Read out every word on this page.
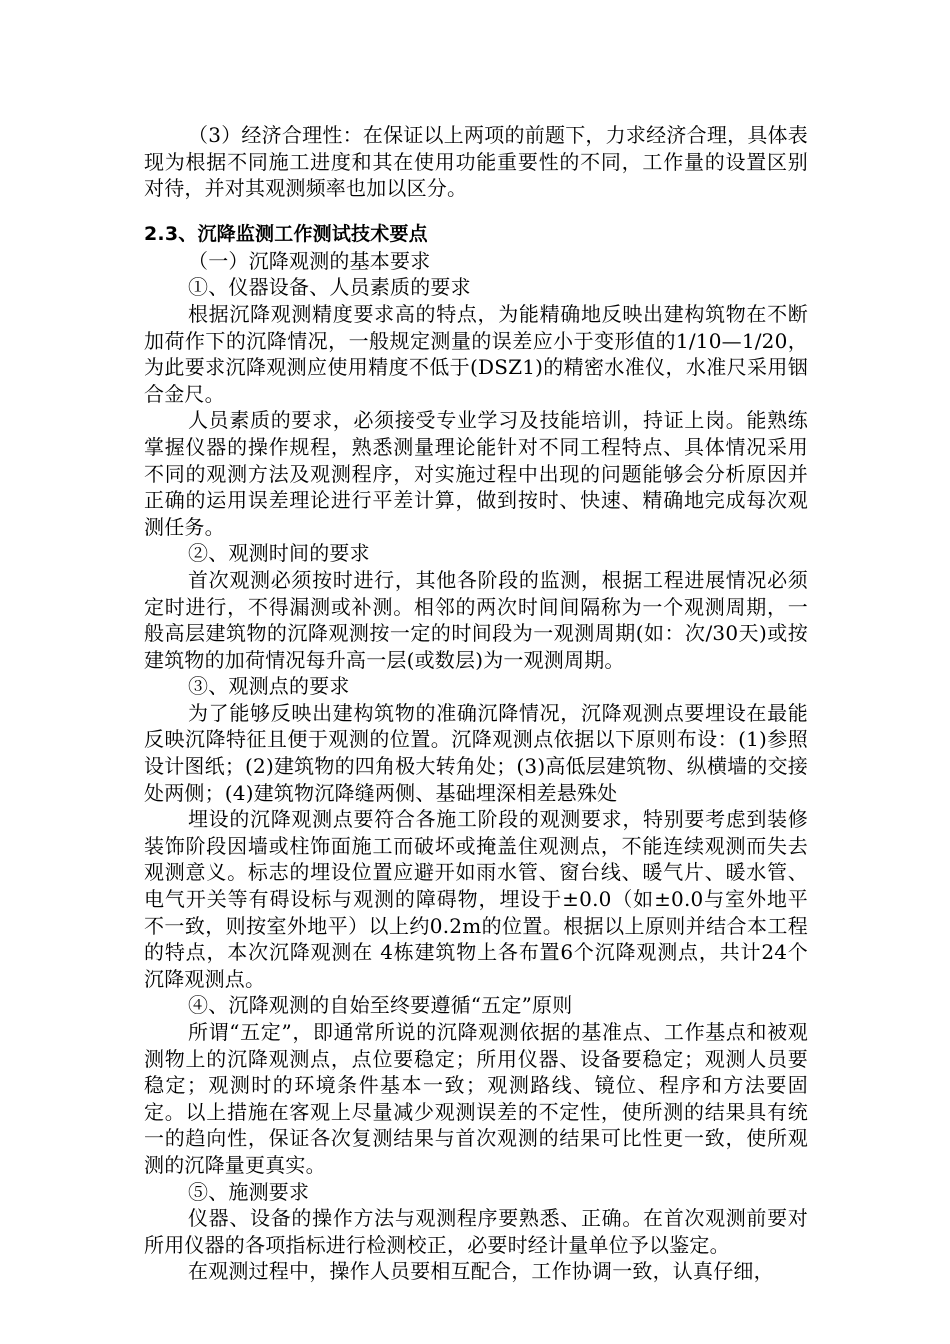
（3）经济合理性：在保证以上两项的前题下，力求经济合理，具体表现为根据不同施工进度和其在使用功能重要性的不同，工作量的设置区别对待，并对其观测频率也加以区分。

2.3、沉降监测工作测试技术要点

（一）沉降观测的基本要求

①、仪器设备、人员素质的要求

根据沉降观测精度要求高的特点，为能精确地反映出建构筑物在不断加荷作下的沉降情况，一般规定测量的误差应小于变形值的1/10—1/20，为此要求沉降观测应使用精度不低于(DSZ1)的精密水准仪，水准尺采用铟合金尺。

人员素质的要求，必须接受专业学习及技能培训，持证上岗。能熟练掌握仪器的操作规程，熟悉测量理论能针对不同工程特点、具体情况采用不同的观测方法及观测程序，对实施过程中出现的问题能够会分析原因并正确的运用误差理论进行平差计算，做到按时、快速、精确地完成每次观测任务。

②、观测时间的要求

首次观测必须按时进行，其他各阶段的监测，根据工程进展情况必须定时进行，不得漏测或补测。相邻的两次时间间隔称为一个观测周期，一般高层建筑物的沉降观测按一定的时间段为一观测周期(如：次/30天)或按建筑物的加荷情况每升高一层(或数层)为一观测周期。

③、观测点的要求

为了能够反映出建构筑物的准确沉降情况，沉降观测点要埋设在最能反映沉降特征且便于观测的位置。沉降观测点依据以下原则布设：(1)参照设计图纸；(2)建筑物的四角极大转角处；(3)高低层建筑物、纵横墙的交接处两侧；(4)建筑物沉降缝两侧、基础埋深相差悬殊处

埋设的沉降观测点要符合各施工阶段的观测要求，特别要考虑到装修装饰阶段因墙或柱饰面施工而破坏或掩盖住观测点，不能连续观测而失去观测意义。标志的埋设位置应避开如雨水管、窗台线、暖气片、暖水管、电气开关等有碍设标与观测的障碍物，埋设于±0.0（如±0.0与室外地平不一致，则按室外地平）以上约0.2m的位置。根据以上原则并结合本工程的特点，本次沉降观测在 4栋建筑物上各布置6个沉降观测点，共计24个沉降观测点。

④、沉降观测的自始至终要遵循“五定”原则

所谓“五定”，即通常所说的沉降观测依据的基准点、工作基点和被观测物上的沉降观测点，点位要稳定；所用仪器、设备要稳定；观测人员要稳定；观测时的环境条件基本一致；观测路线、镜位、程序和方法要固定。以上措施在客观上尽量减少观测误差的不定性，使所测的结果具有统一的趋向性，保证各次复测结果与首次观测的结果可比性更一致，使所观测的沉降量更真实。

⑤、施测要求

仪器、设备的操作方法与观测程序要熟悉、正确。在首次观测前要对所用仪器的各项指标进行检测校正，必要时经计量单位予以鉴定。

在观测过程中，操作人员要相互配合，工作协调一致，认真仔细，
